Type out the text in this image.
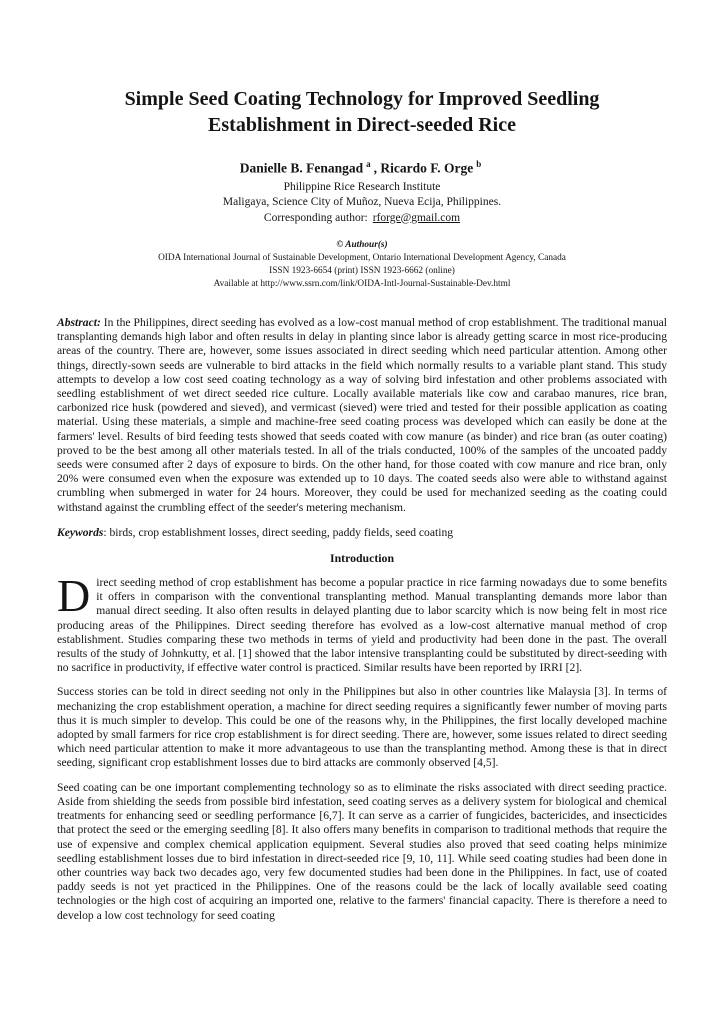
Simple Seed Coating Technology for Improved Seedling Establishment in Direct-seeded Rice
Danielle B. Fenangad $^a$ , Ricardo F. Orge $^b$
Philippine Rice Research Institute
Maligaya, Science City of Muñoz, Nueva Ecija, Philippines.
Corresponding author: rforge@gmail.com
© Authour(s)
OIDA International Journal of Sustainable Development, Ontario International Development Agency, Canada
ISSN 1923-6654 (print) ISSN 1923-6662 (online)
Available at http://www.ssrn.com/link/OIDA-Intl-Journal-Sustainable-Dev.html

Abstract: In the Philippines, direct seeding has evolved as a low-cost manual method of crop establishment. The traditional manual transplanting demands high labor and often results in delay in planting since labor is already getting scarce in most rice-producing areas of the country. There are, however, some issues associated in direct seeding which need particular attention. Among other things, directly-sown seeds are vulnerable to bird attacks in the field which normally results to a variable plant stand. This study attempts to develop a low cost seed coating technology as a way of solving bird infestation and other problems associated with seedling establishment of wet direct seeded rice culture. Locally available materials like cow and carabao manures, rice bran, carbonized rice husk (powdered and sieved), and vermicast (sieved) were tried and tested for their possible application as coating material. Using these materials, a simple and machine-free seed coating process was developed which can easily be done at the farmers' level. Results of bird feeding tests showed that seeds coated with cow manure (as binder) and rice bran (as outer coating) proved to be the best among all other materials tested. In all of the trials conducted, 100% of the samples of the uncoated paddy seeds were consumed after 2 days of exposure to birds. On the other hand, for those coated with cow manure and rice bran, only 20% were consumed even when the exposure was extended up to 10 days. The coated seeds also were able to withstand against crumbling when submerged in water for 24 hours. Moreover, they could be used for mechanized seeding as the coating could withstand against the crumbling effect of the seeder's metering mechanism.

Keywords: birds, crop establishment losses, direct seeding, paddy fields, seed coating

Introduction

Direct seeding method of crop establishment has become a popular practice in rice farming nowadays due to some benefits it offers in comparison with the conventional transplanting method. Manual transplanting demands more labor than manual direct seeding. It also often results in delayed planting due to labor scarcity which is now being felt in most rice producing areas of the Philippines. Direct seeding therefore has evolved as a low-cost alternative manual method of crop establishment. Studies comparing these two methods in terms of yield and productivity had been done in the past. The overall results of the study of Johnkutty, et al. [1] showed that the labor intensive transplanting could be substituted by direct-seeding with no sacrifice in productivity, if effective water control is practiced. Similar results have been reported by IRRI [2].

Success stories can be told in direct seeding not only in the Philippines but also in other countries like Malaysia [3]. In terms of mechanizing the crop establishment operation, a machine for direct seeding requires a significantly fewer number of moving parts thus it is much simpler to develop. This could be one of the reasons why, in the Philippines, the first locally developed machine adopted by small farmers for rice crop establishment is for direct seeding. There are, however, some issues related to direct seeding which need particular attention to make it more advantageous to use than the transplanting method. Among these is that in direct seeding, significant crop establishment losses due to bird attacks are commonly observed [4,5].

Seed coating can be one important complementing technology so as to eliminate the risks associated with direct seeding practice. Aside from shielding the seeds from possible bird infestation, seed coating serves as a delivery system for biological and chemical treatments for enhancing seed or seedling performance [6,7]. It can serve as a carrier of fungicides, bactericides, and insecticides that protect the seed or the emerging seedling [8]. It also offers many benefits in comparison to traditional methods that require the use of expensive and complex chemical application equipment. Several studies also proved that seed coating helps minimize seedling establishment losses due to bird infestation in direct-seeded rice [9, 10, 11]. While seed coating studies had been done in other countries way back two decades ago, very few documented studies had been done in the Philippines. In fact, use of coated paddy seeds is not yet practiced in the Philippines. One of the reasons could be the lack of locally available seed coating technologies or the high cost of acquiring an imported one, relative to the farmers' financial capacity. There is therefore a need to develop a low cost technology for seed coating
